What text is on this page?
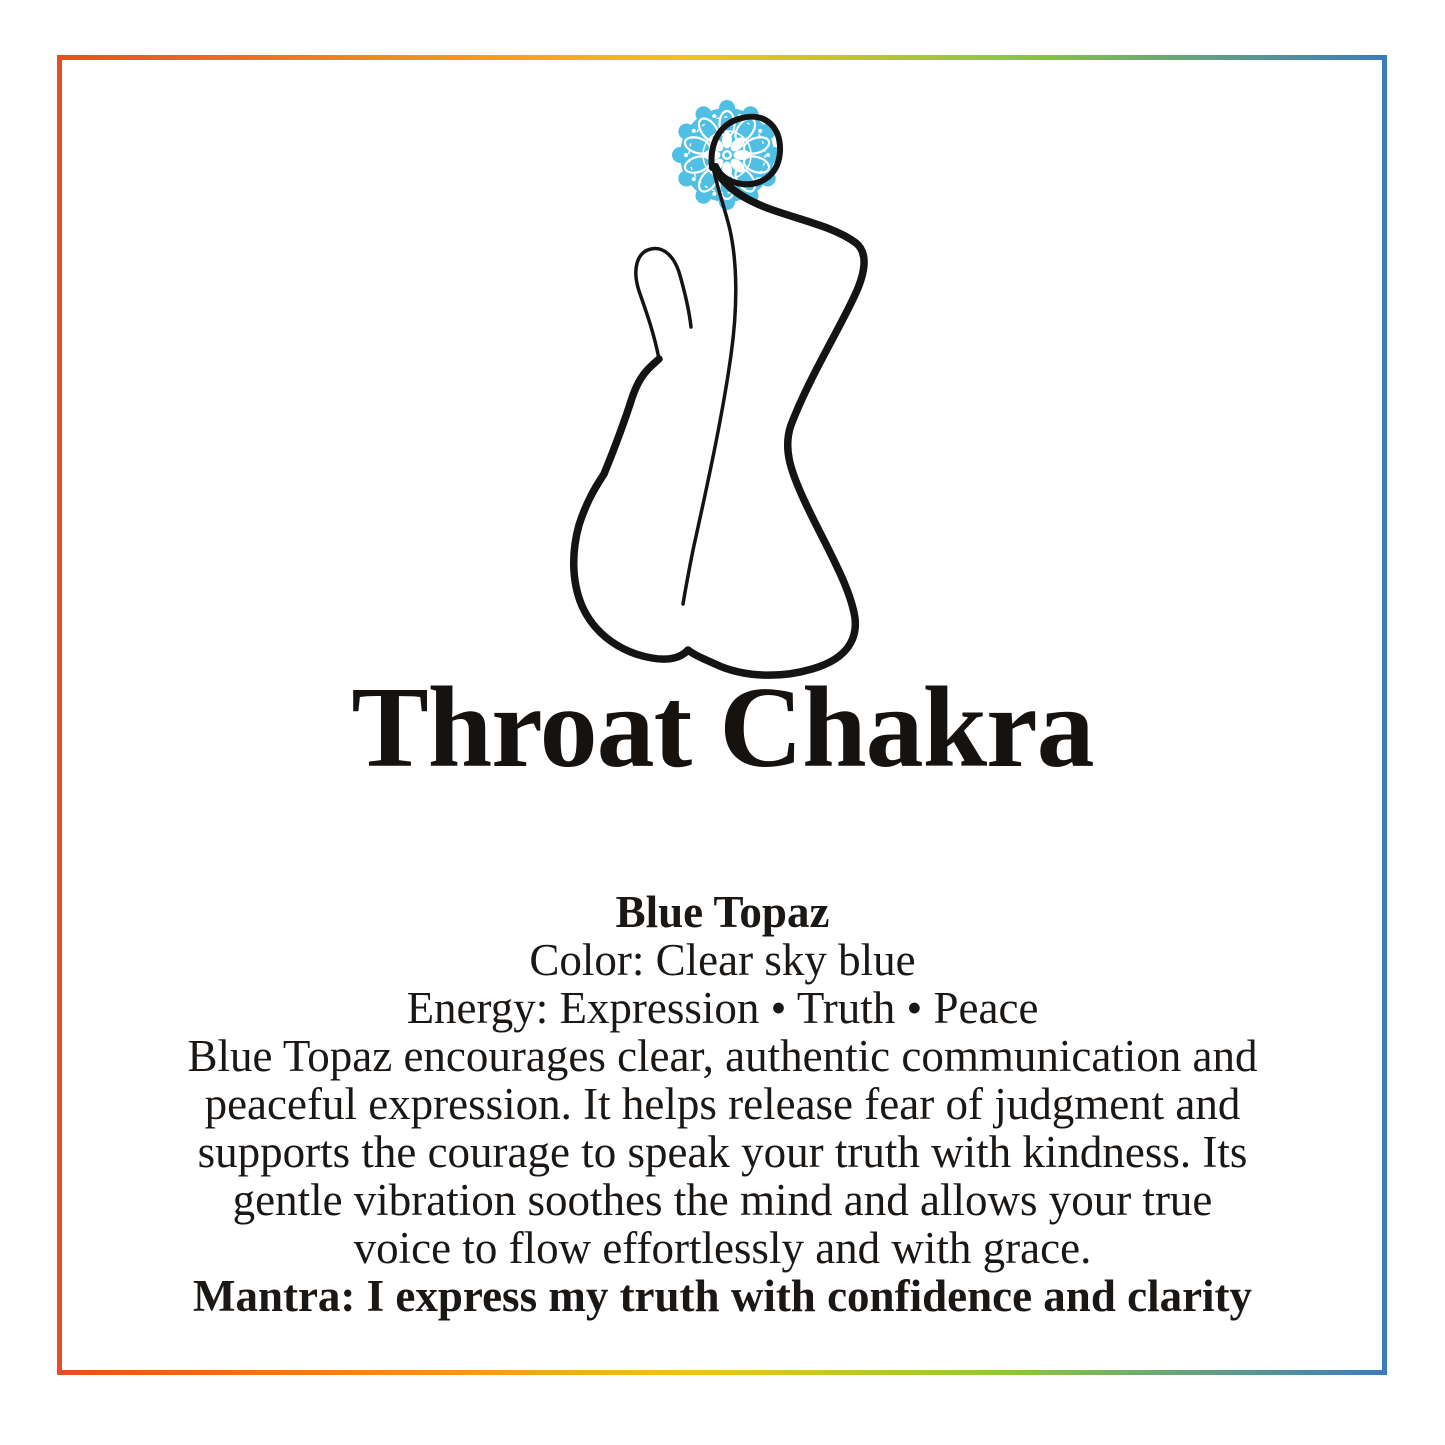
Throat Chakra
Blue Topaz
Color: Clear sky blue
Energy: Expression • Truth • Peace
Blue Topaz encourages clear, authentic communication and
peaceful expression. It helps release fear of judgment and
supports the courage to speak your truth with kindness. Its
gentle vibration soothes the mind and allows your true
voice to flow effortlessly and with grace.
Mantra: I express my truth with confidence and clarity
